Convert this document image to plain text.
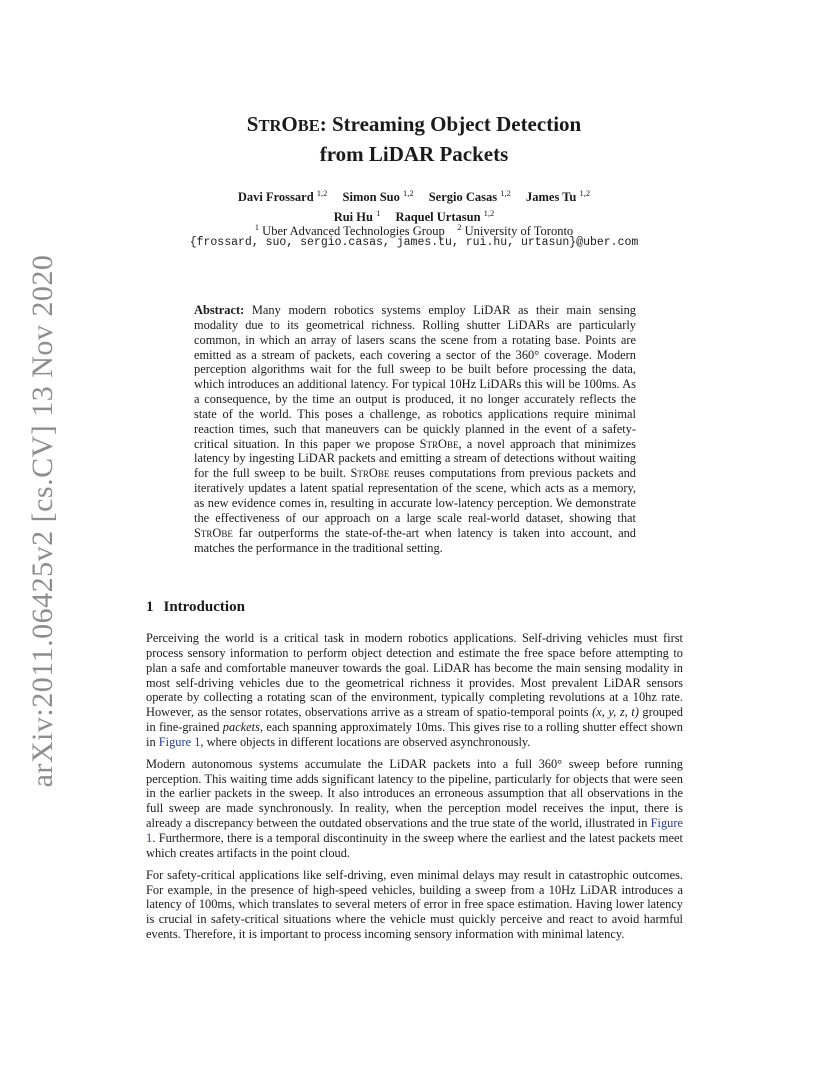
arXiv:2011.06425v2 [cs.CV] 13 Nov 2020
STROBE: Streaming Object Detection
from LiDAR Packets
Davi Frossard $^{1,2}$ Simon Suo $^{1,2}$ Sergio Casas $^{1,2}$ James Tu $^{1,2}$
Rui Hu $^1$ Raquel Urtasun $^{1,2}$
$^1$ Uber Advanced Technologies Group $^2$ University of Toronto
{frossard, suo, sergio.casas, james.tu, rui.hu, urtasun}@uber.com
Abstract: Many modern robotics systems employ LiDAR as their main sensing modality due to its geometrical richness. Rolling shutter LiDARs are particularly common, in which an array of lasers scans the scene from a rotating base. Points are emitted as a stream of packets, each covering a sector of the 360° coverage. Modern perception algorithms wait for the full sweep to be built before processing the data, which introduces an additional latency. For typical 10Hz LiDARs this will be 100ms. As a consequence, by the time an output is produced, it no longer accurately reflects the state of the world. This poses a challenge, as robotics applications require minimal reaction times, such that maneuvers can be quickly planned in the event of a safety-critical situation. In this paper we propose StrObe, a novel approach that minimizes latency by ingesting LiDAR packets and emitting a stream of detections without waiting for the full sweep to be built. StrObe reuses computations from previous packets and iteratively updates a latent spatial representation of the scene, which acts as a memory, as new evidence comes in, resulting in accurate low-latency perception. We demonstrate the effectiveness of our approach on a large scale real-world dataset, showing that StrObe far outperforms the state-of-the-art when latency is taken into account, and matches the performance in the traditional setting.
1 Introduction

Perceiving the world is a critical task in modern robotics applications. Self-driving vehicles must first process sensory information to perform object detection and estimate the free space before attempting to plan a safe and comfortable maneuver towards the goal. LiDAR has become the main sensing modality in most self-driving vehicles due to the geometrical richness it provides. Most prevalent LiDAR sensors operate by collecting a rotating scan of the environment, typically completing revolutions at a 10hz rate. However, as the sensor rotates, observations arrive as a stream of spatio-temporal points (x, y, z, t) grouped in fine-grained packets, each spanning approximately 10ms. This gives rise to a rolling shutter effect shown in Figure 1, where objects in different locations are observed asynchronously.

Modern autonomous systems accumulate the LiDAR packets into a full 360° sweep before running perception. This waiting time adds significant latency to the pipeline, particularly for objects that were seen in the earlier packets in the sweep. It also introduces an erroneous assumption that all observations in the full sweep are made synchronously. In reality, when the perception model receives the input, there is already a discrepancy between the outdated observations and the true state of the world, illustrated in Figure 1. Furthermore, there is a temporal discontinuity in the sweep where the earliest and the latest packets meet which creates artifacts in the point cloud.

For safety-critical applications like self-driving, even minimal delays may result in catastrophic outcomes. For example, in the presence of high-speed vehicles, building a sweep from a 10Hz LiDAR introduces a latency of 100ms, which translates to several meters of error in free space estimation. Having lower latency is crucial in safety-critical situations where the vehicle must quickly perceive and react to avoid harmful events. Therefore, it is important to process incoming sensory information with minimal latency.
